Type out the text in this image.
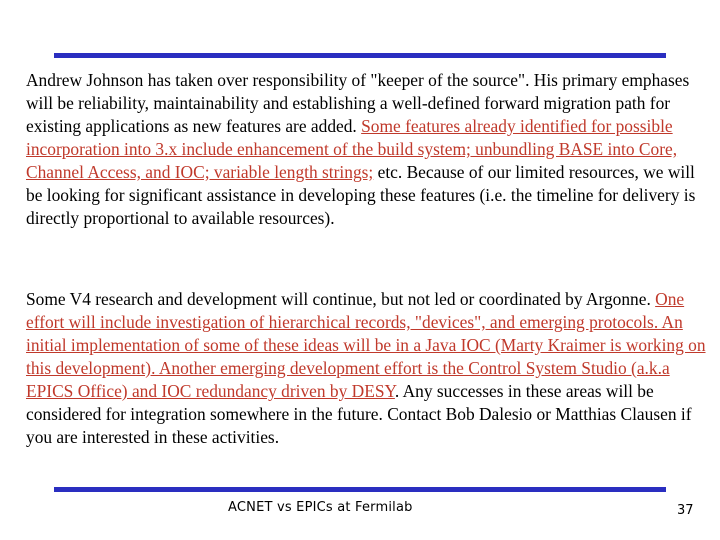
Andrew Johnson has taken over responsibility of "keeper of the source". His primary emphases will be reliability, maintainability and establishing a well-defined forward migration path for existing applications as new features are added. Some features already identified for possible incorporation into 3.x include enhancement of the build system; unbundling BASE into Core, Channel Access, and IOC; variable length strings; etc. Because of our limited resources, we will be looking for significant assistance in developing these features (i.e. the timeline for delivery is directly proportional to available resources).

Some V4 research and development will continue, but not led or coordinated by Argonne. One effort will include investigation of hierarchical records, "devices", and emerging protocols. An initial implementation of some of these ideas will be in a Java IOC (Marty Kraimer is working on this development). Another emerging development effort is the Control System Studio (a.k.a EPICS Office) and IOC redundancy driven by DESY. Any successes in these areas will be considered for integration somewhere in the future. Contact Bob Dalesio or Matthias Clausen if you are interested in these activities.

ACNET vs EPICs at Fermilab	37
